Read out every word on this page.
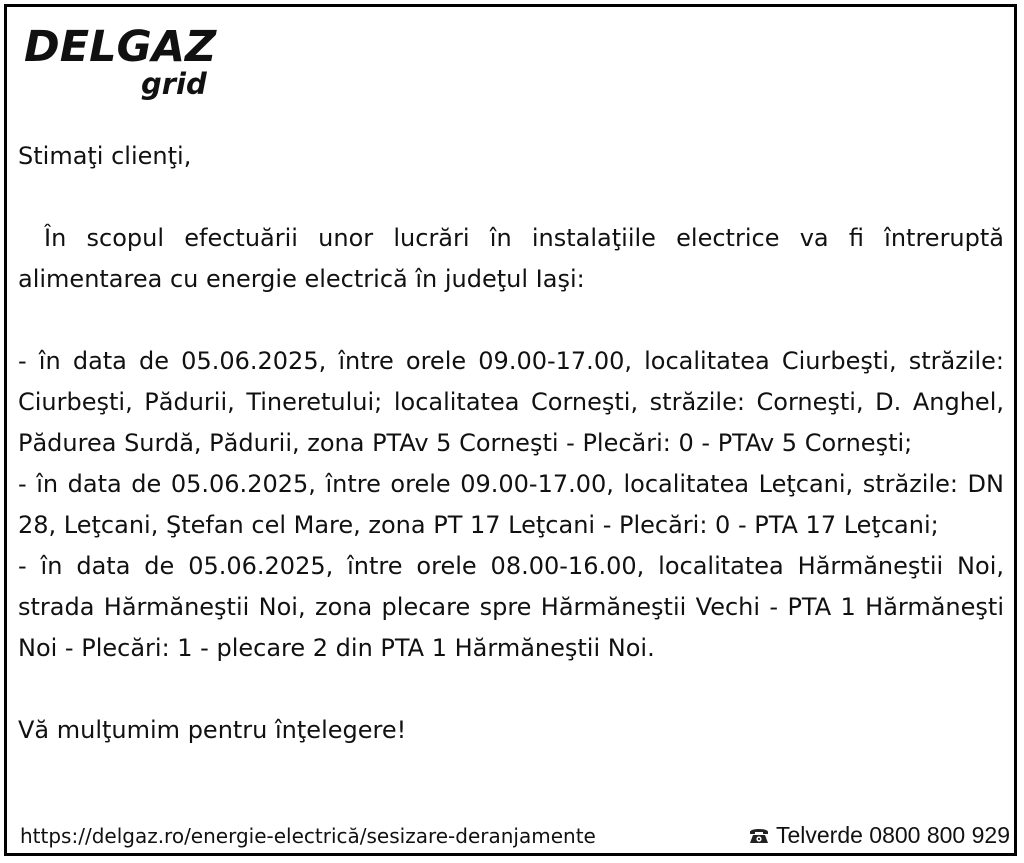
DELGAZ
grid

Stimaţi clienţi,

În scopul efectuării unor lucrări în instalaţiile electrice va fi întreruptă alimentarea cu energie electrică în judeţul Iaşi:

- în data de 05.06.2025, între orele 09.00-17.00, localitatea Ciurbeşti, străzile: Ciurbeşti, Pădurii, Tineretului; localitatea Corneşti, străzile: Corneşti, D. Anghel, Pădurea Surdă, Pădurii, zona PTAv 5 Corneşti - Plecări: 0 - PTAv 5 Corneşti;

- în data de 05.06.2025, între orele 09.00-17.00, localitatea Leţcani, străzile: DN 28, Leţcani, Ştefan cel Mare, zona PT 17 Leţcani - Plecări: 0 - PTA 17 Leţcani;

- în data de 05.06.2025, între orele 08.00-16.00, localitatea Hărmăneştii Noi, strada Hărmăneştii Noi, zona plecare spre Hărmăneştii Vechi - PTA 1 Hărmăneşti Noi - Plecări: 1 - plecare 2 din PTA 1 Hărmăneştii Noi.

Vă mulţumim pentru înţelegere!

https://delgaz.ro/energie-electrică/sesizare-deranjamente	Telverde 0800 800 929
